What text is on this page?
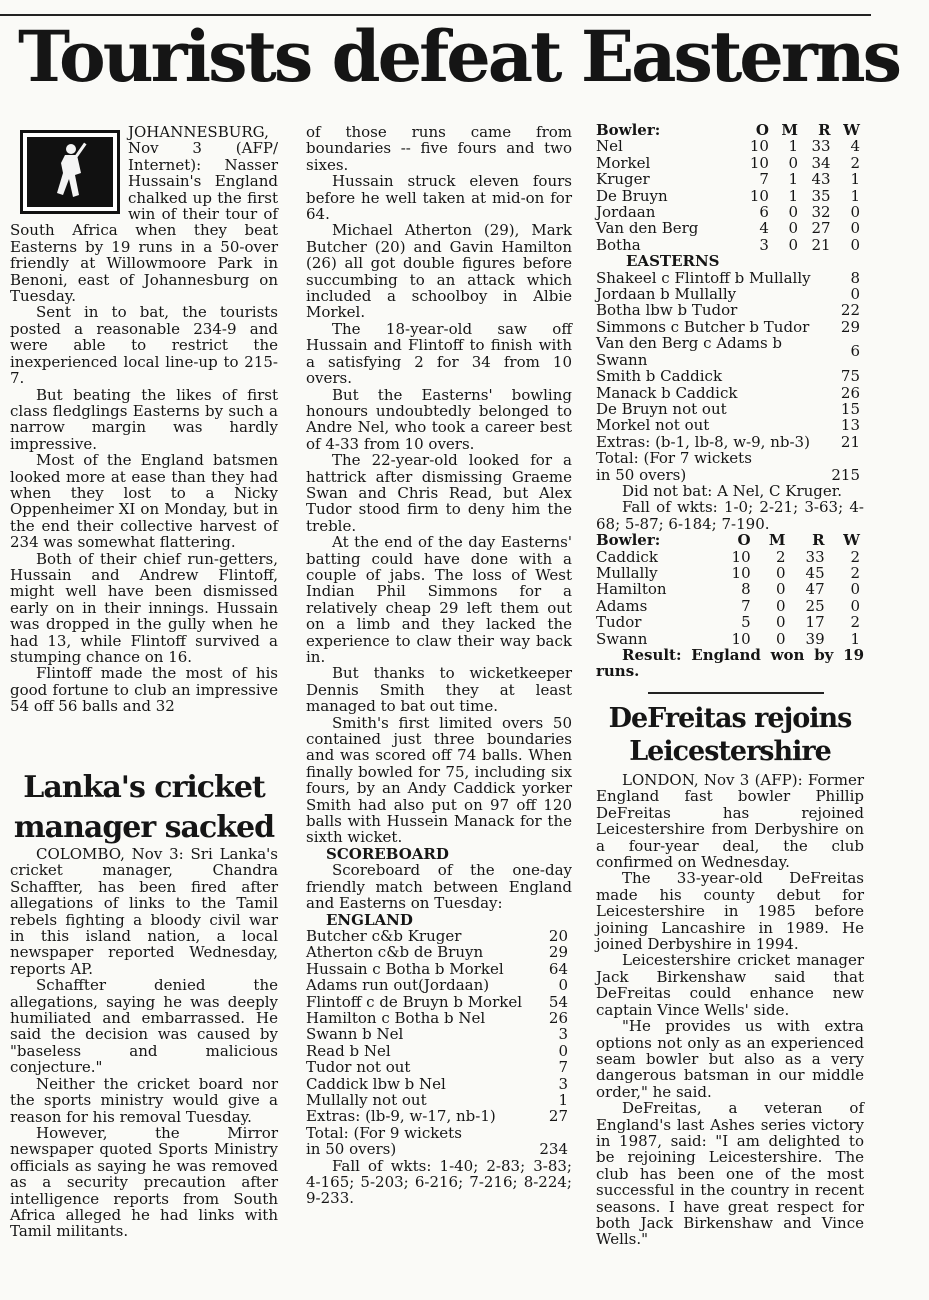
Tourists defeat Easterns

JOHANNESBURG, Nov 3 (AFP/ Internet): Nasser Hussain's England chalked up the first win of their tour of South Africa when they beat Easterns by 19 runs in a 50-over friendly at Willowmoore Park in Benoni, east of Johannesburg on Tuesday.

Sent in to bat, the tourists posted a reasonable 234-9 and were able to restrict the inexperienced local line-up to 215-7.

But beating the likes of first class fledglings Easterns by such a narrow margin was hardly impressive.

Most of the England batsmen looked more at ease than they had when they lost to a Nicky Oppenheimer XI on Monday, but in the end their collective harvest of 234 was somewhat flattering.

Both of their chief run-getters, Hussain and Andrew Flintoff, might well have been dismissed early on in their innings. Hussain was dropped in the gully when he had 13, while Flintoff survived a stumping chance on 16.

Flintoff made the most of his good fortune to club an impressive 54 off 56 balls and 32

Lanka's cricket manager sacked

COLOMBO, Nov 3: Sri Lanka's cricket manager, Chandra Schaffter, has been fired after allegations of links to the Tamil rebels fighting a bloody civil war in this island nation, a local newspaper reported Wednesday, reports AP.

Schaffter denied the allegations, saying he was deeply humiliated and embarrassed. He said the decision was caused by "baseless and malicious conjecture."

Neither the cricket board nor the sports ministry would give a reason for his removal Tuesday.

However, the Mirror newspaper quoted Sports Ministry officials as saying he was removed as a security precaution after intelligence reports from South Africa alleged he had links with Tamil militants.

of those runs came from boundaries -- five fours and two sixes.

Hussain struck eleven fours before he well taken at mid-on for 64.

Michael Atherton (29), Mark Butcher (20) and Gavin Hamilton (26) all got double figures before succumbing to an attack which included a schoolboy in Albie Morkel.

The 18-year-old saw off Hussain and Flintoff to finish with a satisfying 2 for 34 from 10 overs.

But the Easterns' bowling honours undoubtedly belonged to Andre Nel, who took a career best of 4-33 from 10 overs.

The 22-year-old looked for a hattrick after dismissing Graeme Swan and Chris Read, but Alex Tudor stood firm to deny him the treble.

At the end of the day Easterns' batting could have done with a couple of jabs. The loss of West Indian Phil Simmons for a relatively cheap 29 left them out on a limb and they lacked the experience to claw their way back in.

But thanks to wicketkeeper Dennis Smith they at least managed to bat out time.

Smith's first limited overs 50 contained just three boundaries and was scored off 74 balls. When finally bowled for 75, including six fours, by an Andy Caddick yorker Smith had also put on 97 off 120 balls with Hussein Manack for the sixth wicket.

SCOREBOARD

Scoreboard of the one-day friendly match between England and Easterns on Tuesday:

ENGLAND

Butcher c&b Kruger	20
Atherton c&b de Bruyn	29
Hussain c Botha b Morkel	64
Adams run out(Jordaan)	0
Flintoff c de Bruyn b Morkel	54
Hamilton c Botha b Nel	26
Swann b Nel	3
Read b Nel	0
Tudor not out	7
Caddick lbw b Nel	3
Mullally not out	1
Extras: (lb-9, w-17, nb-1)	27
Total: (For 9 wickets in 50 overs)	234

Fall of wkts: 1-40; 2-83; 3-83; 4-165; 5-203; 6-216; 7-216; 8-224; 9-233.

Bowler:	O	M	R	W
Nel	10	1	33	4
Morkel	10	0	34	2
Kruger	7	1	43	1
De Bruyn	10	1	35	1
Jordaan	6	0	32	0
Van den Berg	4	0	27	0
Botha	3	0	21	0

EASTERNS

Shakeel c Flintoff b Mullally	8
Jordaan b Mullally	0
Botha lbw b Tudor	22
Simmons c Butcher b Tudor	29
Van den Berg c Adams b Swann	6
Smith b Caddick	75
Manack b Caddick	26
De Bruyn not out	15
Morkel not out	13
Extras: (b-1, lb-8, w-9, nb-3)	21
Total: (For 7 wickets in 50 overs)	215

Did not bat: A Nel, C Kruger.

Fall of wkts: 1-0; 2-21; 3-63; 4-68; 5-87; 6-184; 7-190.

Bowler:	O	M	R	W
Caddick	10	2	33	2
Mullally	10	0	45	2
Hamilton	8	0	47	0
Adams	7	0	25	0
Tudor	5	0	17	2
Swann	10	0	39	1

Result: England won by 19 runs.

DeFreitas rejoins Leicestershire

LONDON, Nov 3 (AFP): Former England fast bowler Phillip DeFreitas has rejoined Leicestershire from Derbyshire on a four-year deal, the club confirmed on Wednesday.

The 33-year-old DeFreitas made his county debut for Leicestershire in 1985 before joining Lancashire in 1989. He joined Derbyshire in 1994.

Leicestershire cricket manager Jack Birkenshaw said that DeFreitas could enhance new captain Vince Wells' side.

"He provides us with extra options not only as an experienced seam bowler but also as a very dangerous batsman in our middle order," he said.

DeFreitas, a veteran of England's last Ashes series victory in 1987, said: "I am delighted to be rejoining Leicestershire. The club has been one of the most successful in the country in recent seasons. I have great respect for both Jack Birkenshaw and Vince Wells."
